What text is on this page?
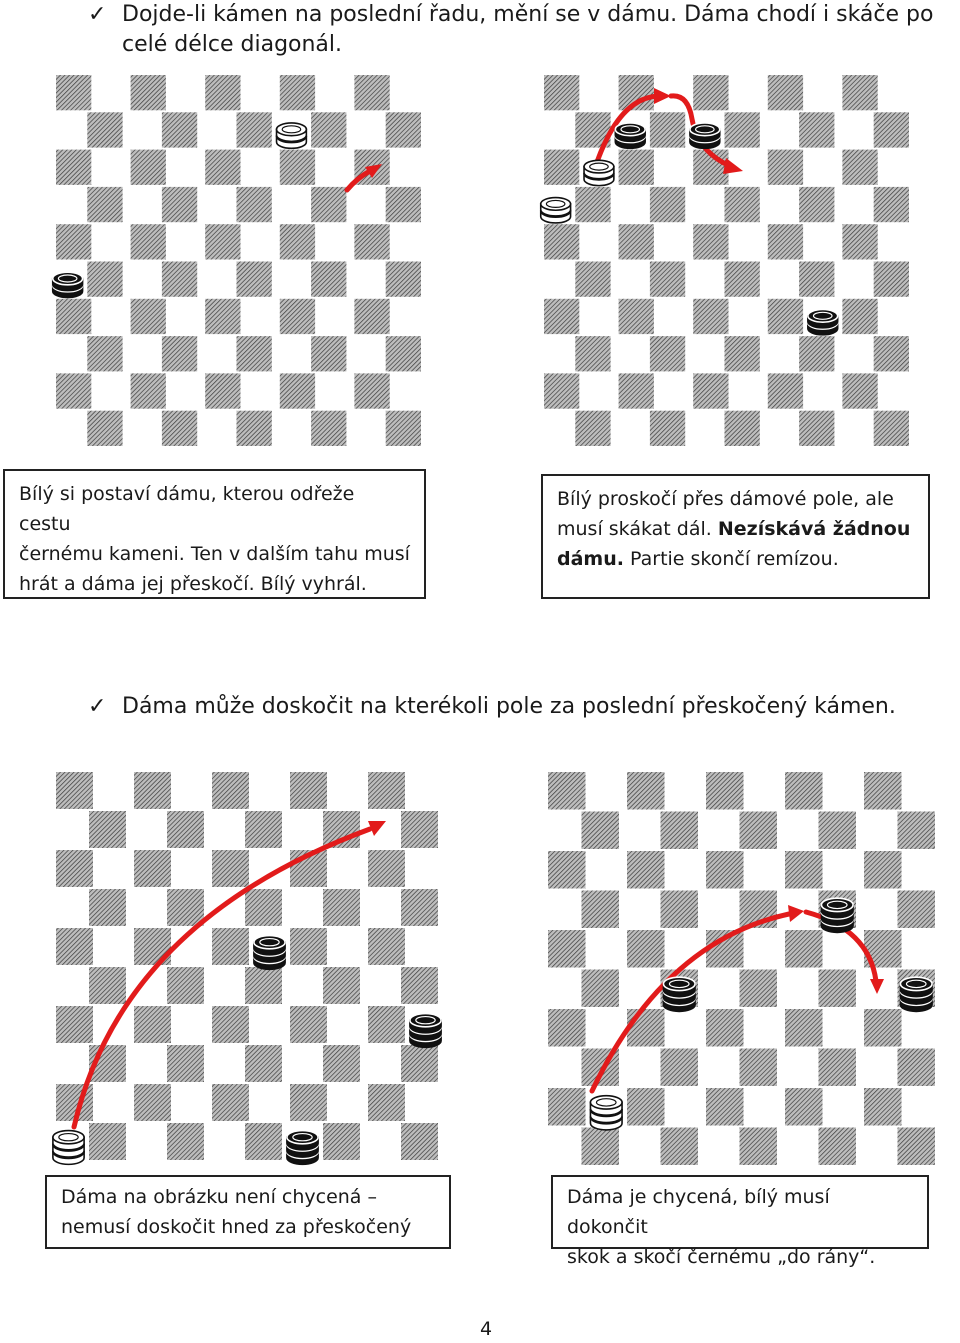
✓ Dojde-li kámen na poslední řadu, mění se v dámu. Dáma chodí i skáče po
celé délce diagonál.
Bílý si postaví dámu, kterou odřeže cestu
černému kameni. Ten v dalším tahu musí
hrát a dáma jej přeskočí. Bílý vyhrál.
Bílý proskočí přes dámové pole, ale
musí skákat dál. Nezískává žádnou
dámu. Partie skončí remízou.
✓ Dáma může doskočit na kterékoli pole za poslední přeskočený kámen.
Dáma na obrázku není chycená –
nemusí doskočit hned za přeskočený
Dáma je chycená, bílý musí dokončit
skok a skočí černému „do rány“.
4
